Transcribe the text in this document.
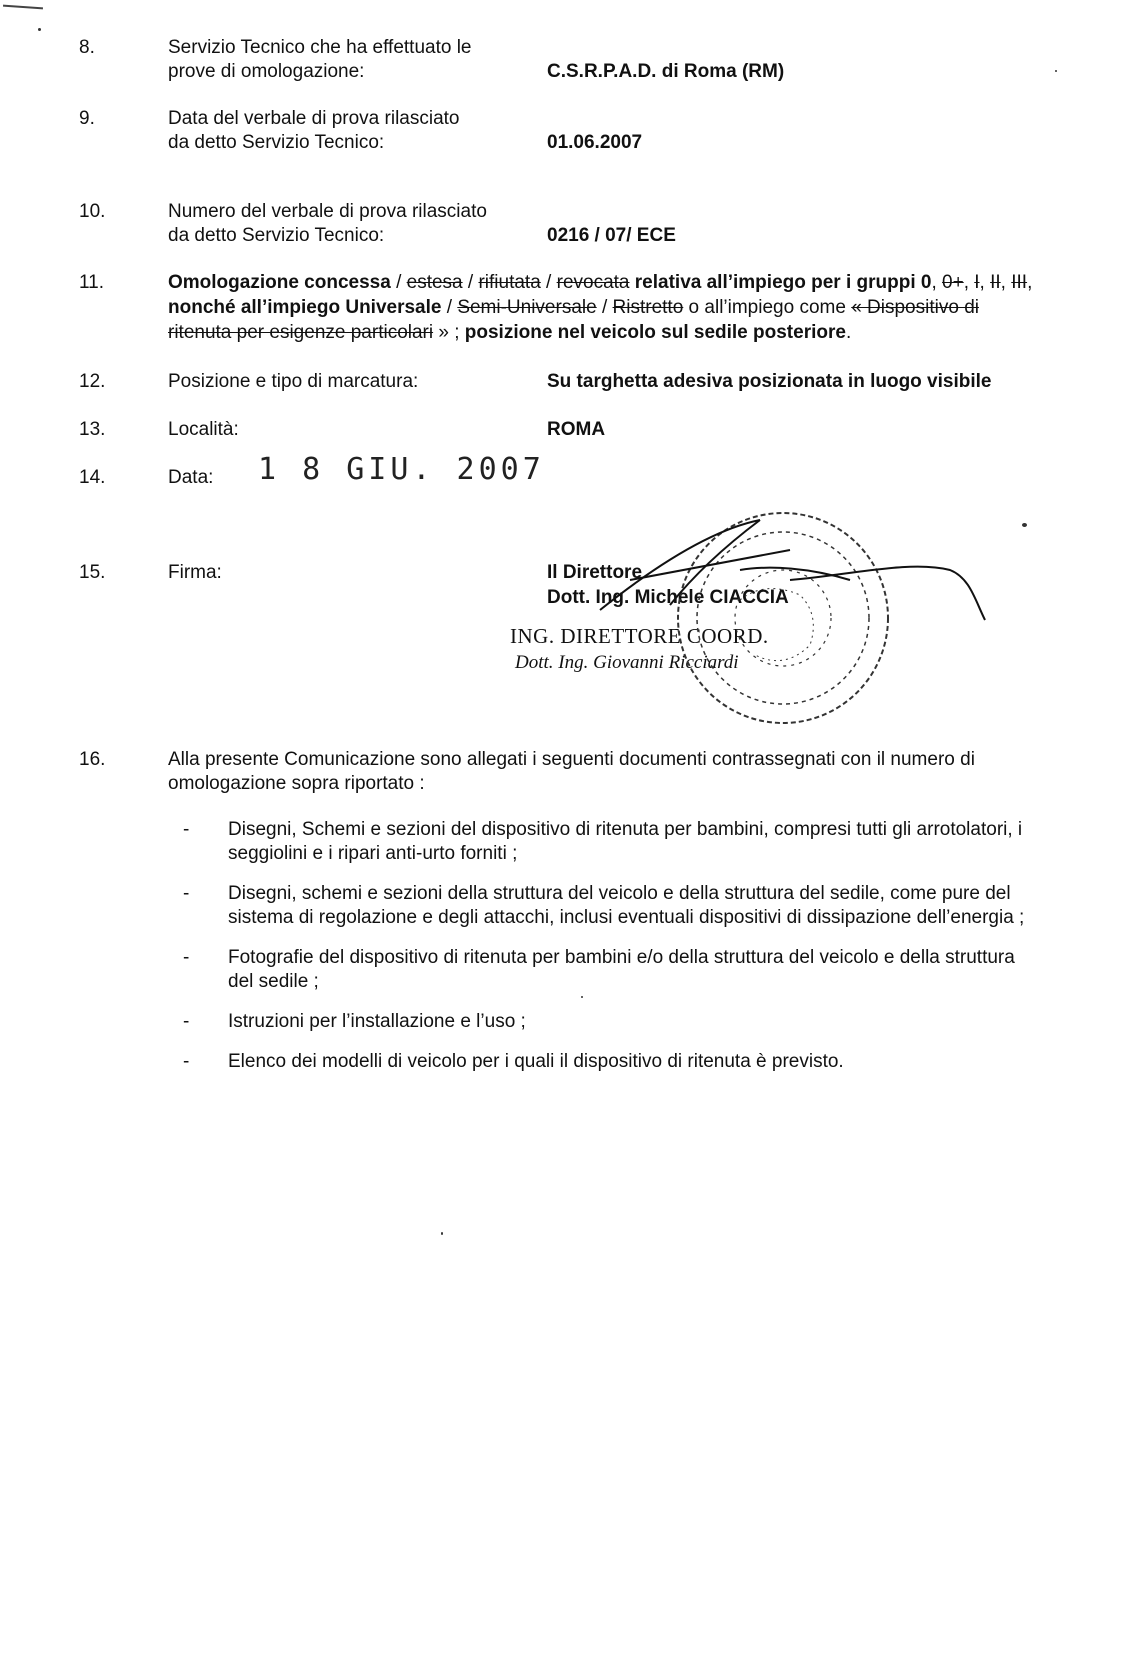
8.	Servizio Tecnico che ha effettuato le
prove di omologazione:	C.S.R.P.A.D. di Roma (RM)
9.	Data del verbale di prova rilasciato
da detto Servizio Tecnico:	01.06.2007
10.	Numero del verbale di prova rilasciato
da detto Servizio Tecnico:	0216 / 07/ ECE
11.	Omologazione concessa / estesa / rifiutata / revocata relativa all’impiego per i gruppi 0, 0+, I, II, III,
nonché all’impiego Universale / Semi-Universale / Ristretto o all’impiego come « Dispositivo di
ritenuta per esigenze particolari » ; posizione nel veicolo sul sedile posteriore.
12.	Posizione e tipo di marcatura:	Su targhetta adesiva posizionata in luogo visibile
13.	Località:	ROMA
14.	Data: 1 8 GIU. 2007
15.	Firma:	Il Direttore
Dott. Ing. Michele CIACCIA
ING. DIRETTORE COORD.
Dott. Ing. Giovanni Ricciardi
16.	Alla presente Comunicazione sono allegati i seguenti documenti contrassegnati con il numero di
omologazione sopra riportato :
- Disegni, Schemi e sezioni del dispositivo di ritenuta per bambini, compresi tutti gli arrotolatori, i
seggiolini e i ripari anti-urto forniti ;
- Disegni, schemi e sezioni della struttura del veicolo e della struttura del sedile, come pure del
sistema di regolazione e degli attacchi, inclusi eventuali dispositivi di dissipazione dell’energia ;
- Fotografie del dispositivo di ritenuta per bambini e/o della struttura del veicolo e della struttura
del sedile ;
- Istruzioni per l’installazione e l’uso ;
- Elenco dei modelli di veicolo per i quali il dispositivo di ritenuta è previsto.
